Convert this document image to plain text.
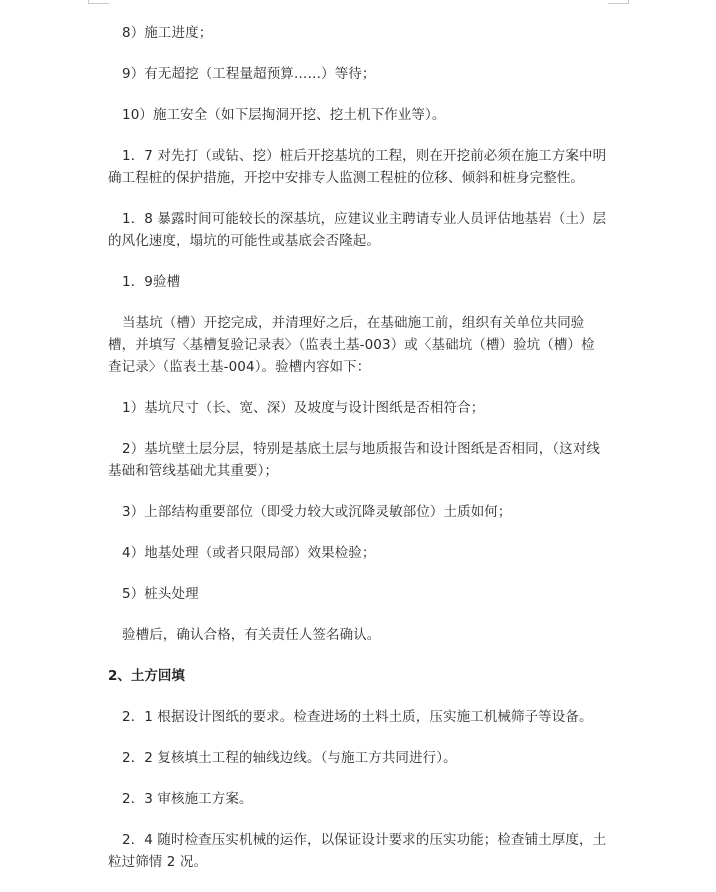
8）施工进度；

9）有无超挖（工程量超预算……）等待；

10）施工安全（如下层掏洞开挖、挖土机下作业等）。

1．7 对先打（或钻、挖）桩后开挖基坑的工程，则在开挖前必须在施工方案中明确工程桩的保护措施，开挖中安排专人监测工程桩的位移、倾斜和桩身完整性。

1．8 暴露时间可能较长的深基坑，应建议业主聘请专业人员评估地基岩（土）层的风化速度，塌坑的可能性或基底会否隆起。

1．9验槽

当基坑（槽）开挖完成，并清理好之后，在基础施工前，组织有关单位共同验槽，并填写〈基槽复验记录表〉（监表土基-003）或〈基础坑（槽）验坑（槽）检查记录〉（监表土基-004）。验槽内容如下：

1）基坑尺寸（长、宽、深）及坡度与设计图纸是否相符合；

2）基坑壁土层分层，特别是基底土层与地质报告和设计图纸是否相同，（这对线基础和管线基础尤其重要）；

3）上部结构重要部位（即受力较大或沉降灵敏部位）土质如何；

4）地基处理（或者只限局部）效果检验；

5）桩头处理

验槽后，确认合格，有关责任人签名确认。

2、土方回填

2．1 根据设计图纸的要求。检查进场的土料土质，压实施工机械筛子等设备。

2．2 复核填土工程的轴线边线。（与施工方共同进行）。

2．3 审核施工方案。

2．4 随时检查压实机械的运作，以保证设计要求的压实功能；检查铺土厚度，土粒过筛情 2 况。
